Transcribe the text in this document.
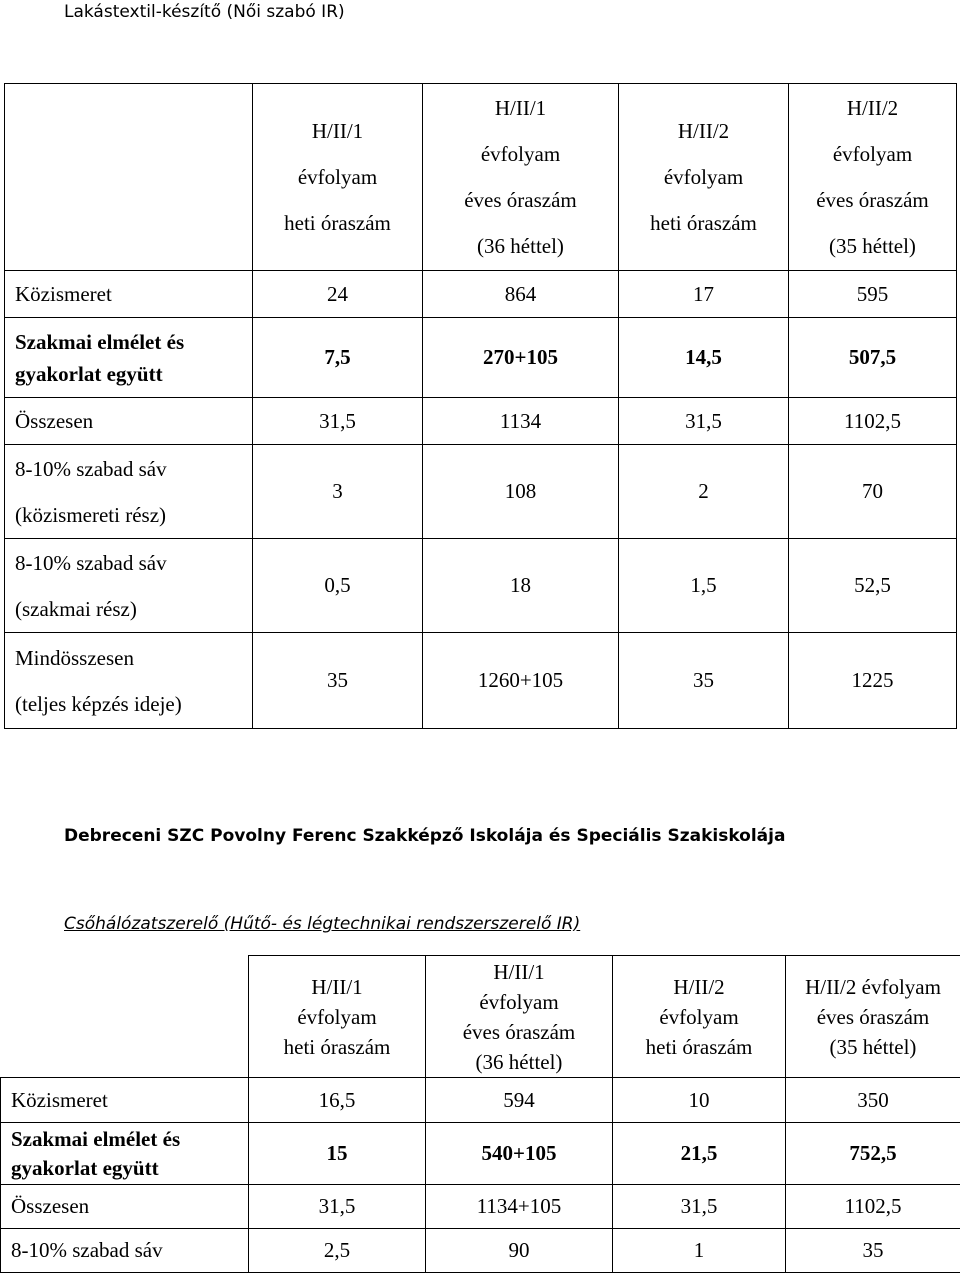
Lakástextil-készítő (Női szabó IR)

	H/II/1
évfolyam
heti óraszám	H/II/1
évfolyam
éves óraszám
(36 héttel)	H/II/2
évfolyam
heti óraszám	H/II/2
évfolyam
éves óraszám
(35 héttel)

Közismeret	24	864	17	595

Szakmai elmélet és
gyakorlat együtt	7,5	270+105	14,5	507,5

Összesen	31,5	1134	31,5	1102,5

8-10% szabad sáv
(közismereti rész)	3	108	2	70

8-10% szabad sáv
(szakmai rész)	0,5	18	1,5	52,5

Mindösszesen
(teljes képzés ideje)	35	1260+105	35	1225
Debreceni SZC Povolny Ferenc Szakképző Iskolája és Speciális Szakiskolája
Csőhálózatszerelő (Hűtő- és légtechnikai rendszerszerelő IR)

	H/II/1
évfolyam
heti óraszám	H/II/1
évfolyam
éves óraszám
(36 héttel)	H/II/2
évfolyam
heti óraszám	H/II/2 évfolyam
éves óraszám
(35 héttel)

Közismeret	16,5	594	10	350

Szakmai elmélet és
gyakorlat együtt	15	540+105	21,5	752,5

Összesen	31,5	1134+105	31,5	1102,5

8-10% szabad sáv	2,5	90	1	35
